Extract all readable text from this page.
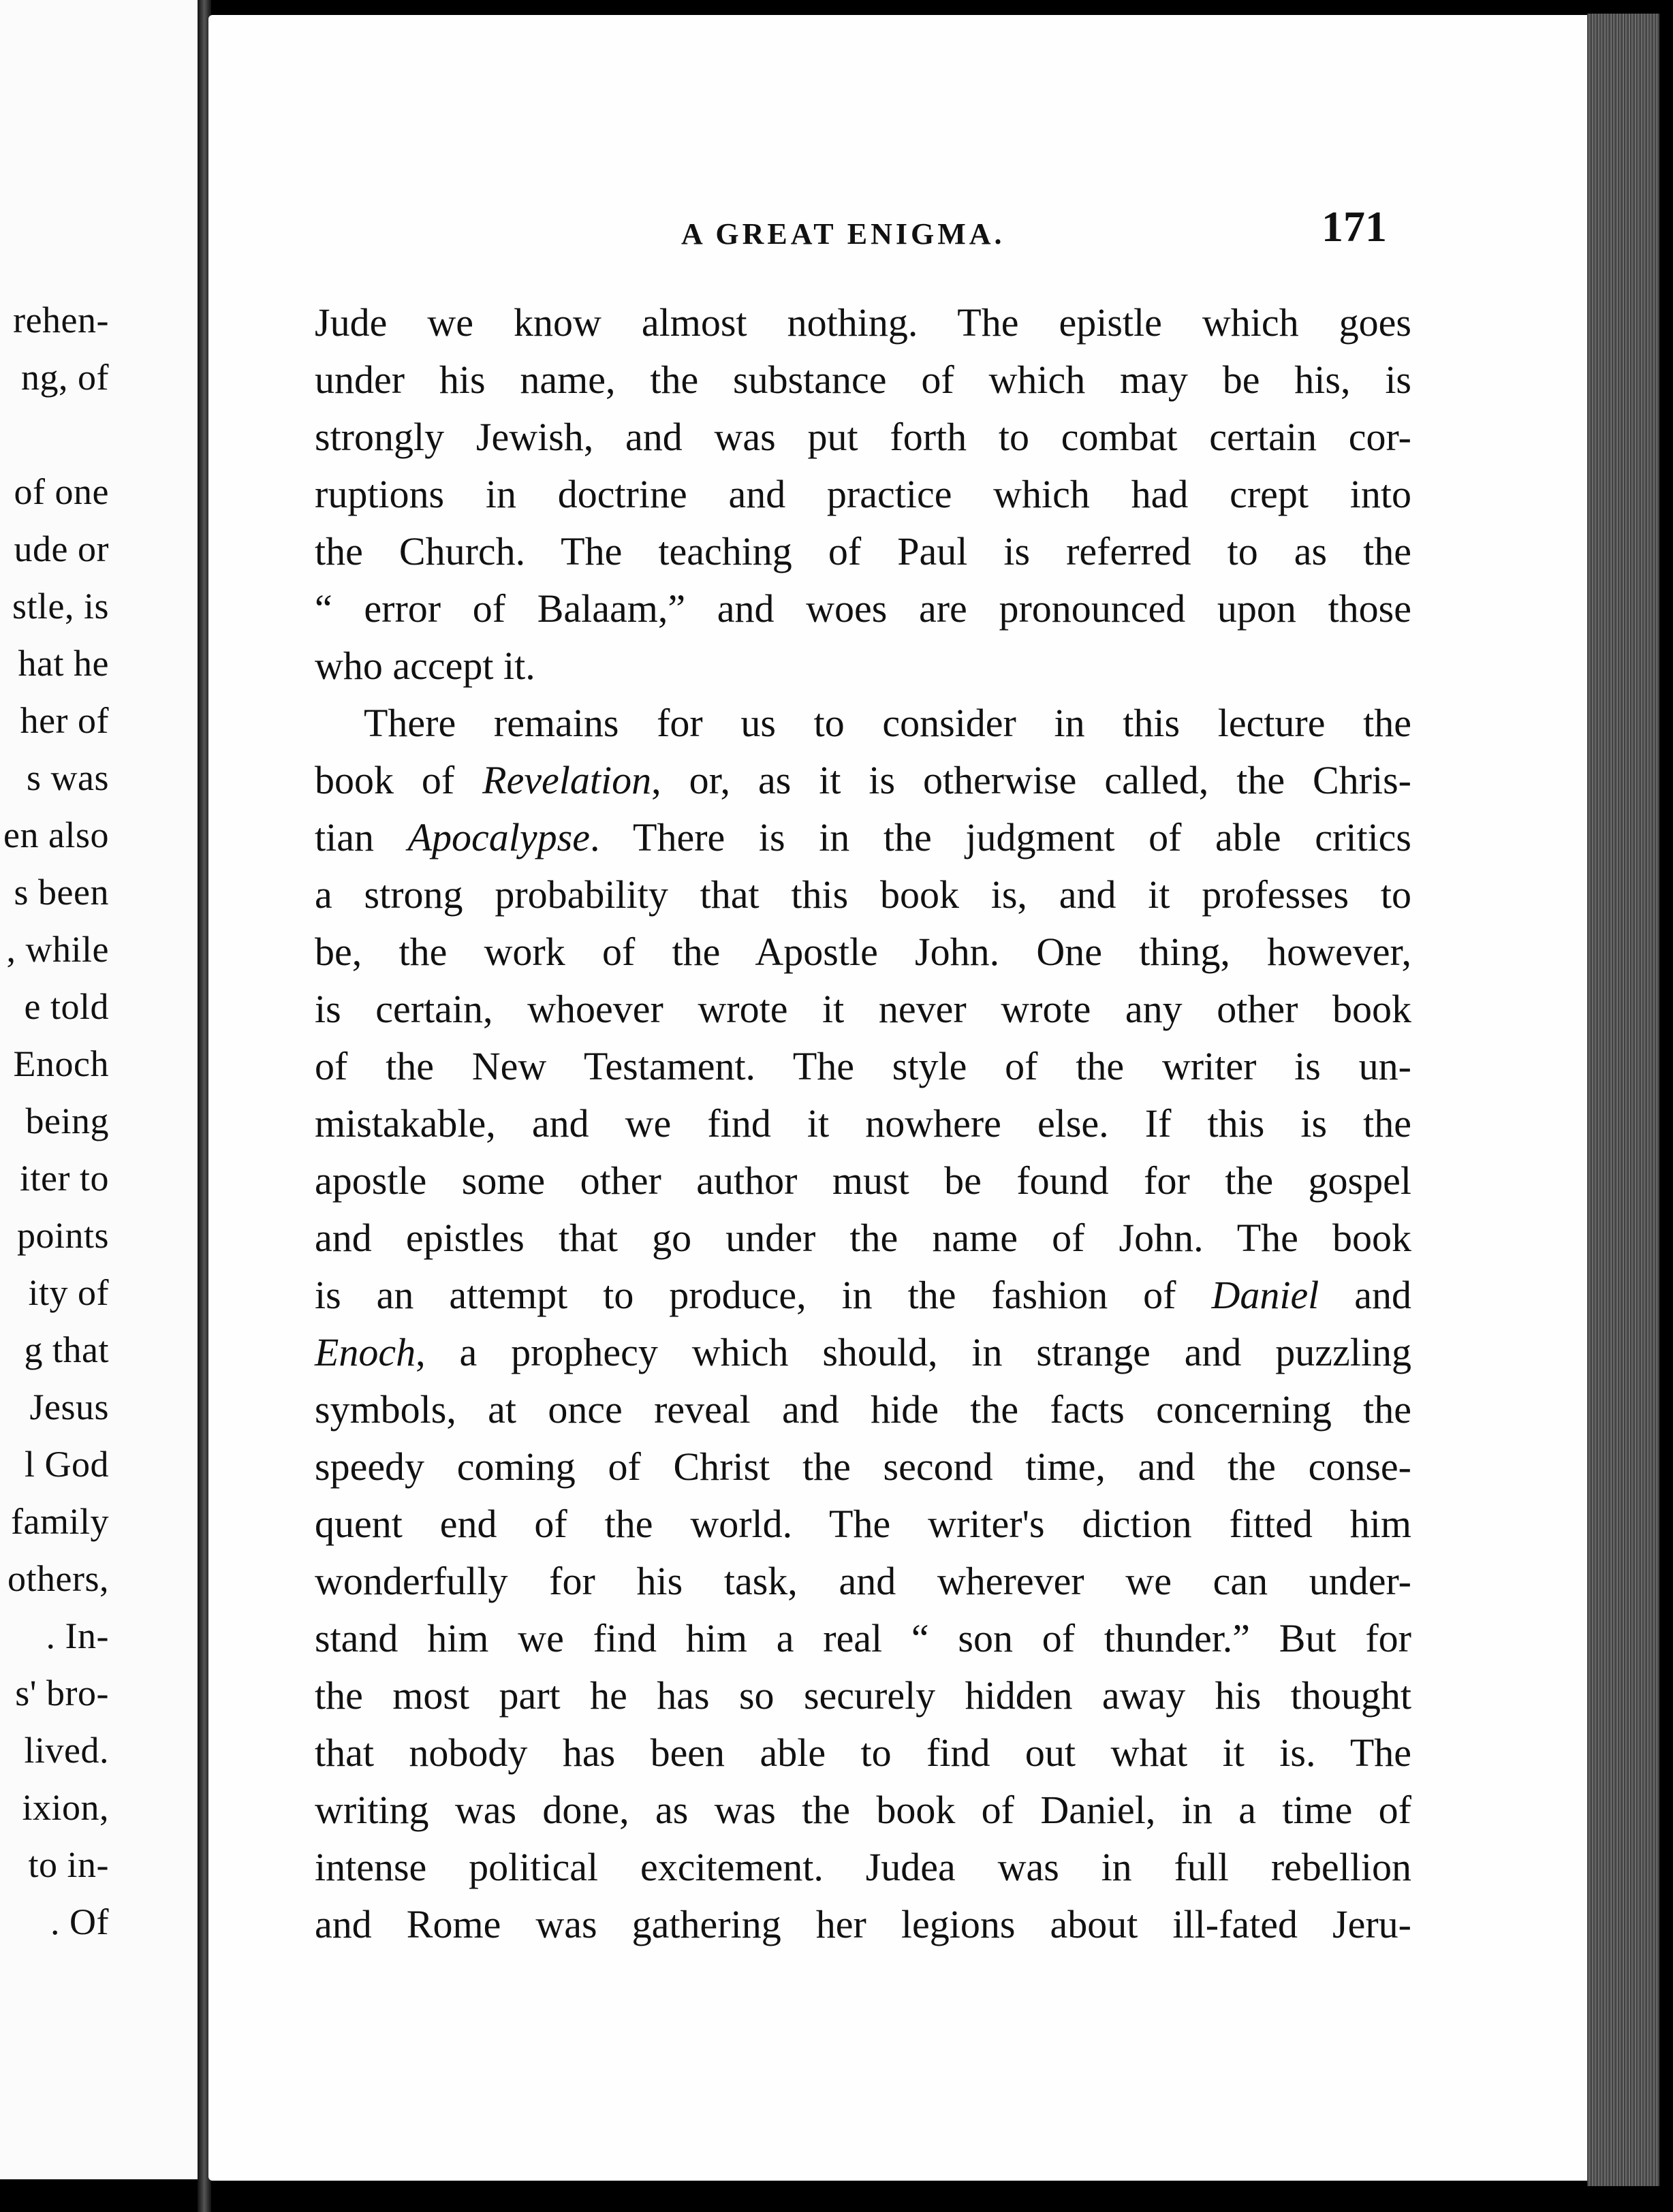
rehen-
ng, of
of one
ude or
stle, is
hat he
her of
s was
en also
s been
, while
e told
Enoch
being
iter to
points
ity of
g that
Jesus
l God
family
others,
. In-
s' bro-
lived.
ixion,
to in-
. Of
A GREAT ENIGMA.	171
Jude we know almost nothing. The epistle which goes
under his name, the substance of which may be his, is
strongly Jewish, and was put forth to combat certain cor-
ruptions in doctrine and practice which had crept into
the Church. The teaching of Paul is referred to as the
“ error of Balaam,” and woes are pronounced upon those
who accept it.
There remains for us to consider in this lecture the
book of Revelation, or, as it is otherwise called, the Chris-
tian Apocalypse. There is in the judgment of able critics
a strong probability that this book is, and it professes to
be, the work of the Apostle John. One thing, however,
is certain, whoever wrote it never wrote any other book
of the New Testament. The style of the writer is un-
mistakable, and we find it nowhere else. If this is the
apostle some other author must be found for the gospel
and epistles that go under the name of John. The book
is an attempt to produce, in the fashion of Daniel and
Enoch, a prophecy which should, in strange and puzzling
symbols, at once reveal and hide the facts concerning the
speedy coming of Christ the second time, and the conse-
quent end of the world. The writer's diction fitted him
wonderfully for his task, and wherever we can under-
stand him we find him a real “ son of thunder.” But for
the most part he has so securely hidden away his thought
that nobody has been able to find out what it is. The
writing was done, as was the book of Daniel, in a time of
intense political excitement. Judea was in full rebellion
and Rome was gathering her legions about ill-fated Jeru-
